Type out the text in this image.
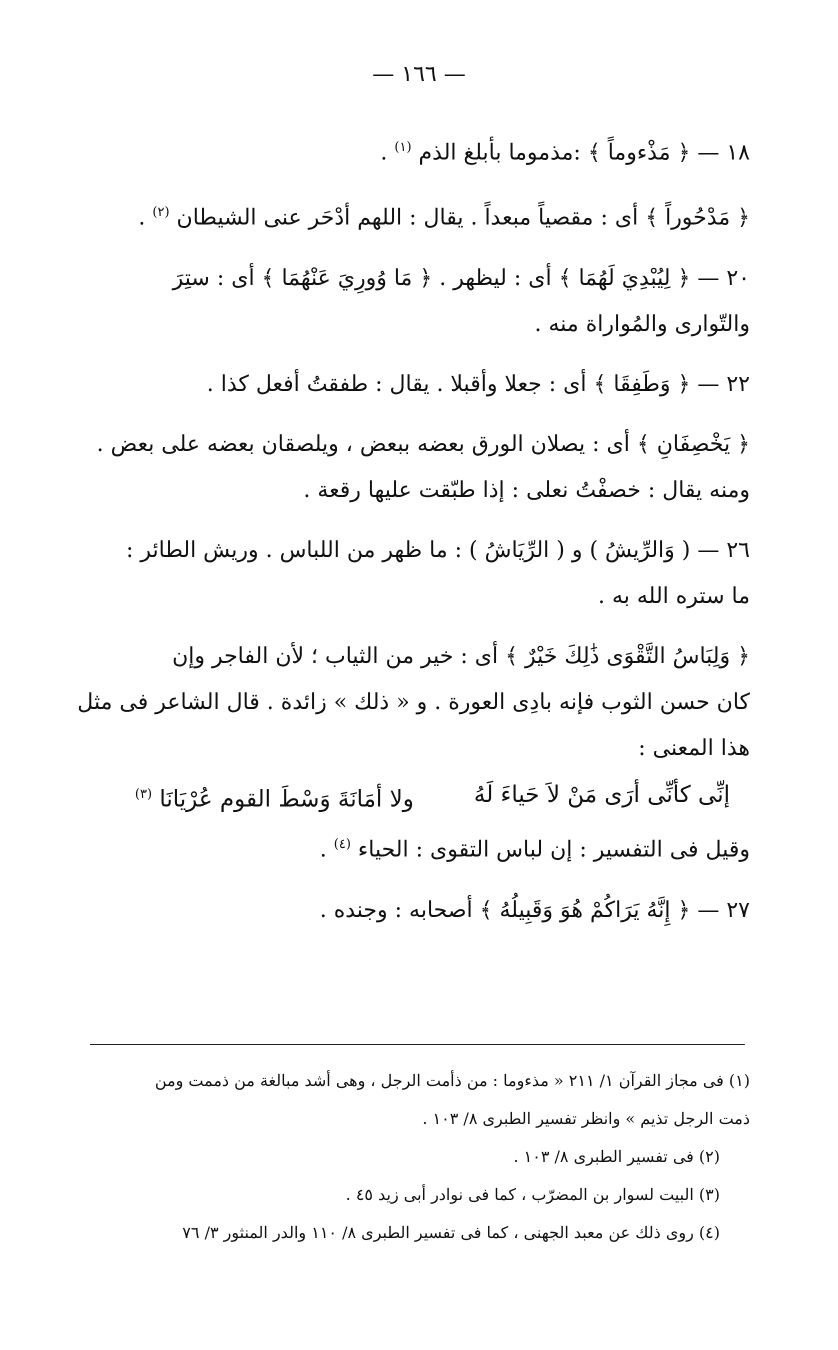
— ١٦٦ —
١٨ — ﴿ مَذْءوماً ﴾ :مذموما بأبلغ الذم $^{(١)}$ .
﴿ مَدْحُوراً ﴾ أى : مقصياً مبعداً . يقال : اللهم أدْحَر عنى الشيطان $^{(٢)}$ .
٢٠ — ﴿ لِيُبْدِيَ لَهُمَا ﴾ أى : ليظهر . ﴿ مَا وُورِيَ عَنْهُمَا ﴾ أى : ستِرَ
والتّوارى والمُواراة منه .
٢٢ — ﴿ وَطَفِقَا ﴾ أى : جعلا وأقبلا . يقال : طفقتُ أفعل كذا .
﴿ يَخْصِفَانِ ﴾ أى : يصلان الورق بعضه ببعض ، ويلصقان بعضه على بعض .
ومنه يقال : خصفْتُ نعلى : إذا طبّقت عليها رقعة .
٢٦ — ( وَالرِّيشُ ) و ( الرِّيَاشُ ) : ما ظهر من اللباس . وريش الطائر :
ما ستره الله به .
﴿ وَلِبَاسُ التَّقْوَى ذَٰلِكَ خَيْرٌ ﴾ أى : خير من الثياب ؛ لأن الفاجر وإن
كان حسن الثوب فإنه بادِى العورة . و « ذلك » زائدة . قال الشاعر فى مثل
هذا المعنى :
إنِّى كأنِّى أرَى مَنْ لاَ حَياءَ لَهُ
ولا أمَانَةَ وَسْطَ القوم عُرْيَانَا $^{(٣)}$
وقيل فى التفسير : إن لباس التقوى : الحياء $^{(٤)}$ .
٢٧ — ﴿ إِنَّهُ يَرَاكُمْ هُوَ وَقَبِيلُهُ ﴾ أصحابه : وجنده .
(١) فى مجاز القرآن ١/ ٢١١ « مذءوما : من ذأمت الرجل ، وهى أشد مبالغة من ذممت ومن
ذمت الرجل تذيم » وانظر تفسير الطبرى ٨/ ١٠٣ .
(٢) فى تفسير الطبرى ٨/ ١٠٣ .
(٣) البيت لسوار بن المضرّب ، كما فى نوادر أبى زيد ٤٥ .
(٤) روى ذلك عن معبد الجهنى ، كما فى تفسير الطبرى ٨/ ١١٠ والدر المنثور ٣/ ٧٦
